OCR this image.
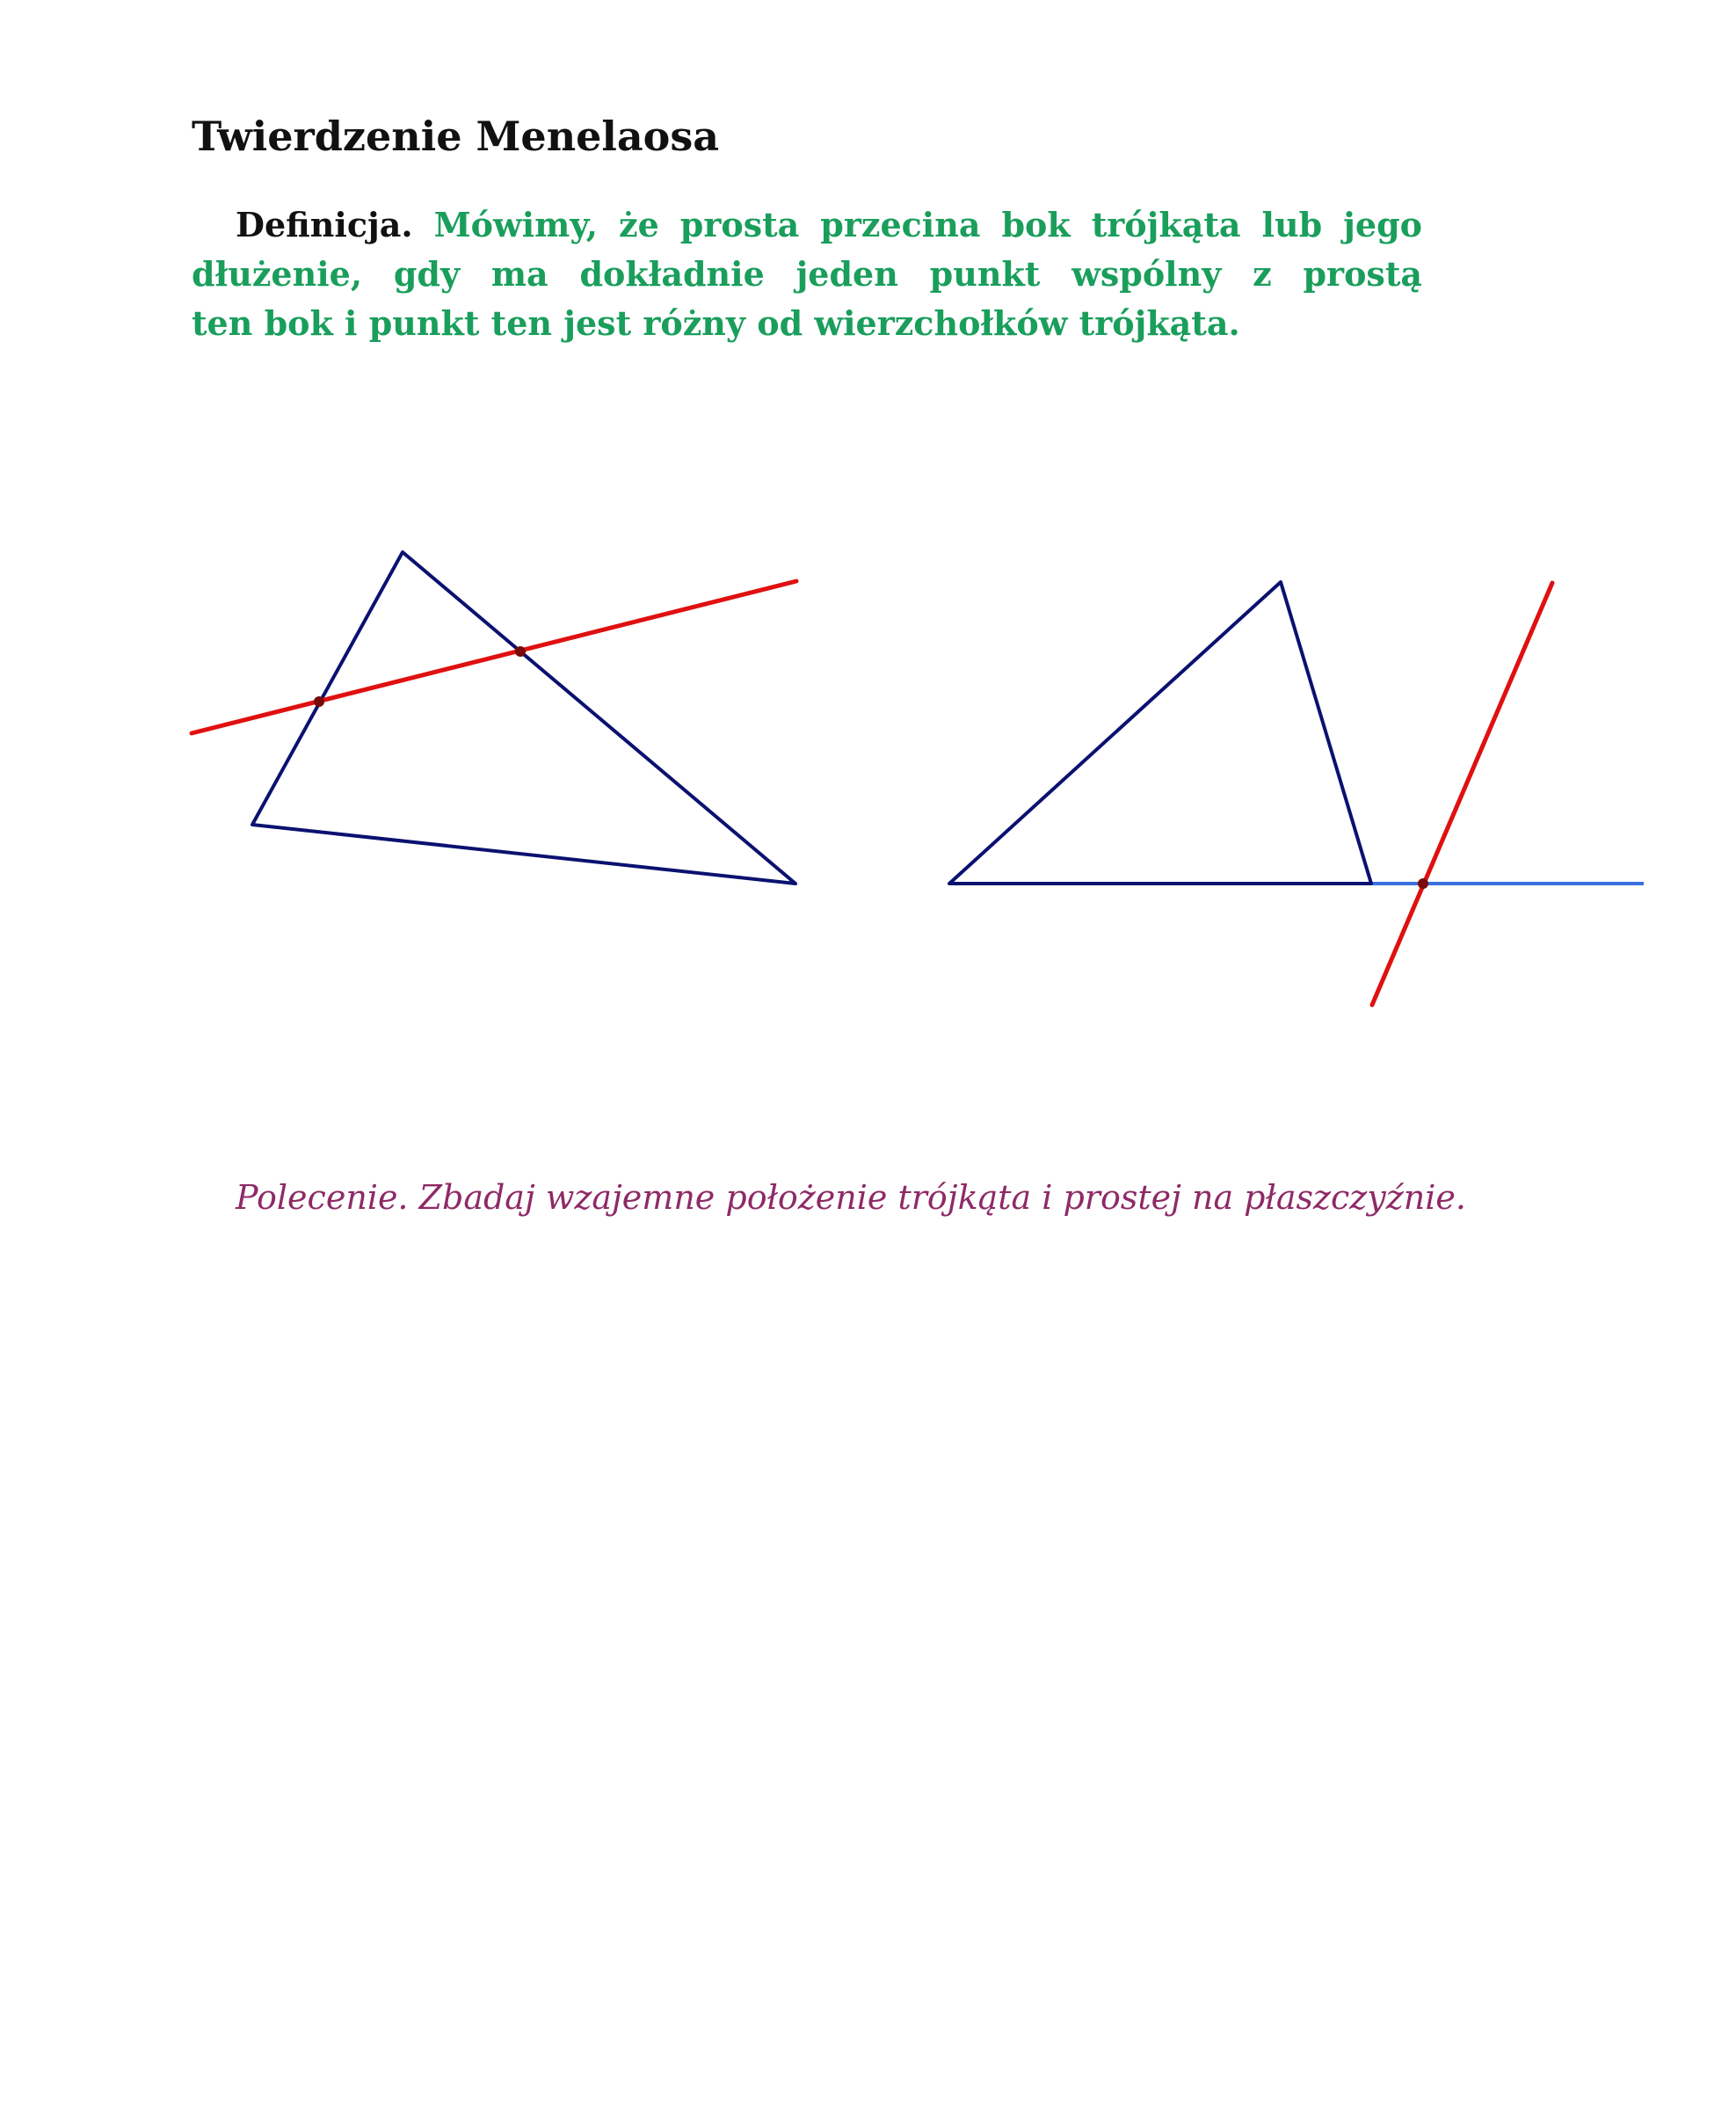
Twierdzenie Menelaosa
Definicja. Mówimy, że prosta przecina bok trójkąta lub jego
dłużenie, gdy ma dokładnie jeden punkt wspólny z prostą
ten bok i punkt ten jest różny od wierzchołków trójkąta.
Polecenie. Zbadaj wzajemne położenie trójkąta i prostej na płaszczyźnie.
